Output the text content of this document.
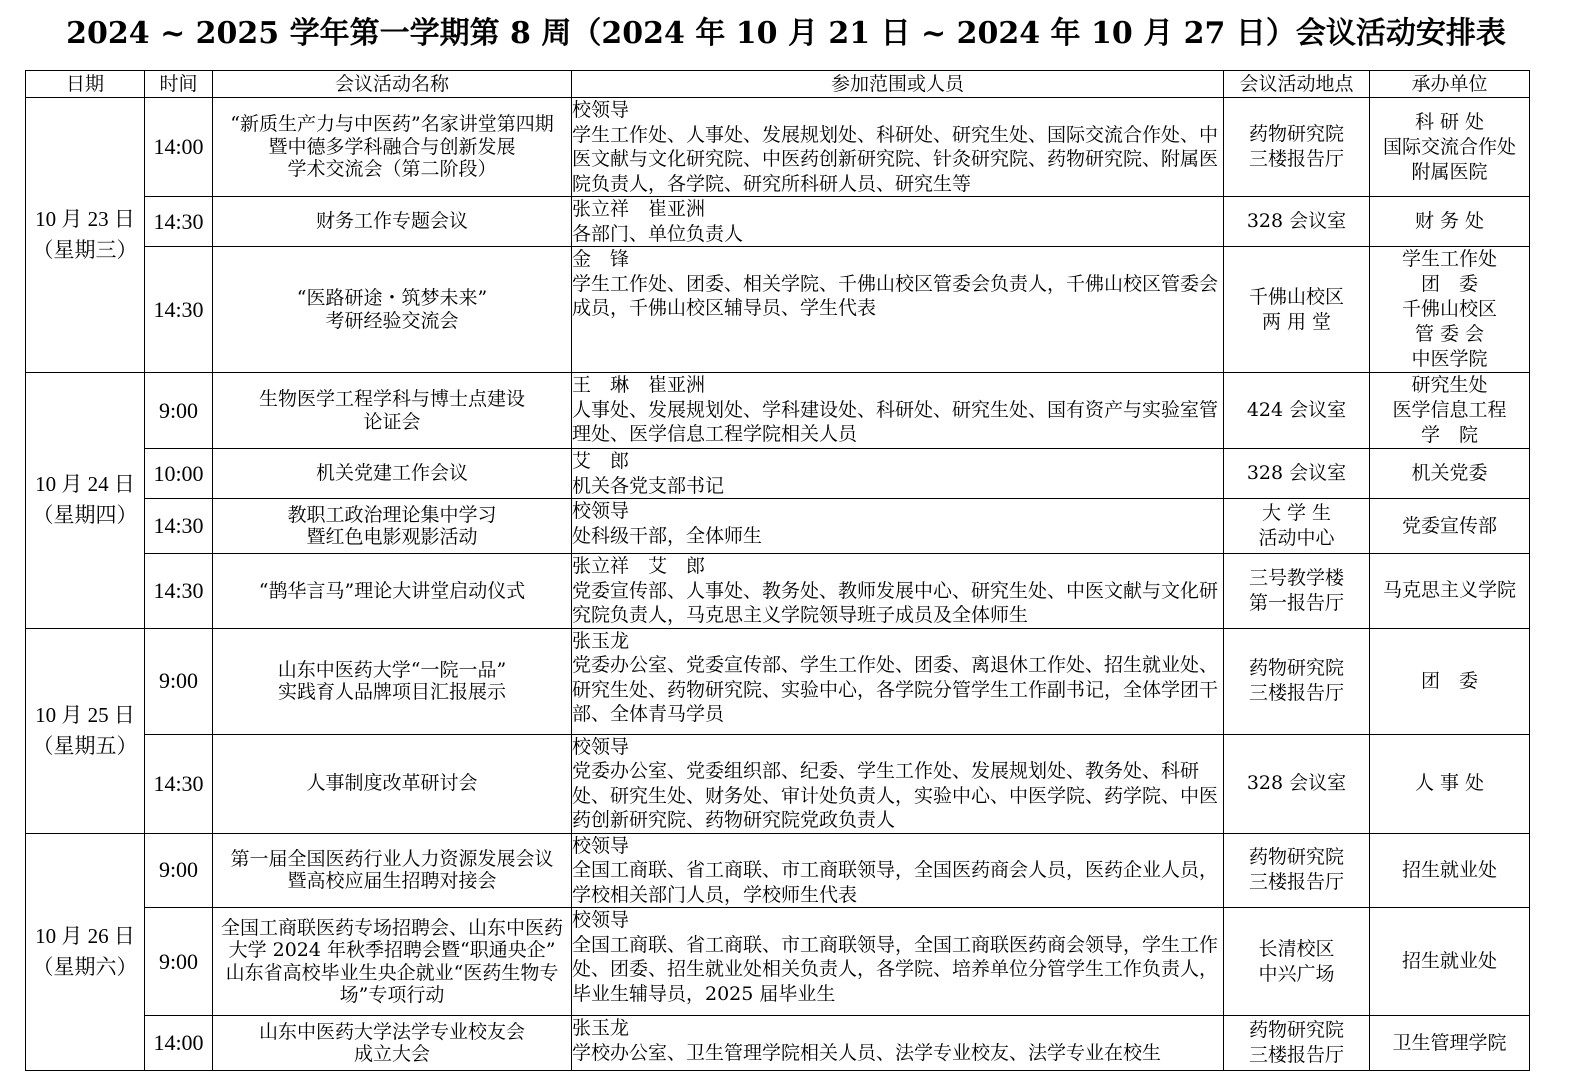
2024 ~ 2025 学年第一学期第 8 周（2024 年 10 月 21 日 ~ 2024 年 10 月 27 日）会议活动安排表
日期	时间	会议活动名称	参加范围或人员	会议活动地点	承办单位

10 月 23 日
（星期三）	14:00	“新质生产力与中医药”名家讲堂第四期
暨中德多学科融合与创新发展
学术交流会（第二阶段）	校领导
学生工作处、人事处、发展规划处、科研处、研究生处、国际交流合作处、中医文献与文化研究院、中医药创新研究院、针灸研究院、药物研究院、附属医院负责人，各学院、研究所科研人员、研究生等	药物研究院
三楼报告厅	科 研 处
国际交流合作处
附属医院

	14:30	财务工作专题会议	张立祥　崔亚洲
各部门、单位负责人	328 会议室	财 务 处

	14:30	“医路研途・筑梦未来”
考研经验交流会	金　锋
学生工作处、团委、相关学院、千佛山校区管委会负责人，千佛山校区管委会成员，千佛山校区辅导员、学生代表	千佛山校区
两 用 堂	学生工作处
团　委
千佛山校区
管 委 会
中医学院

10 月 24 日
（星期四）	9:00	生物医学工程学科与博士点建设
论证会	王　琳　崔亚洲
人事处、发展规划处、学科建设处、科研处、研究生处、国有资产与实验室管理处、医学信息工程学院相关人员	424 会议室	研究生处
医学信息工程
学　院

	10:00	机关党建工作会议	艾　郎
机关各党支部书记	328 会议室	机关党委

	14:30	教职工政治理论集中学习
暨红色电影观影活动	校领导
处科级干部，全体师生	大 学 生
活动中心	党委宣传部

	14:30	“鹊华言马”理论大讲堂启动仪式	张立祥　艾　郎
党委宣传部、人事处、教务处、教师发展中心、研究生处、中医文献与文化研究院负责人，马克思主义学院领导班子成员及全体师生	三号教学楼
第一报告厅	马克思主义学院

10 月 25 日
（星期五）	9:00	山东中医药大学“一院一品”
实践育人品牌项目汇报展示	张玉龙
党委办公室、党委宣传部、学生工作处、团委、离退休工作处、招生就业处、研究生处、药物研究院、实验中心，各学院分管学生工作副书记，全体学团干部、全体青马学员	药物研究院
三楼报告厅	团　委

	14:30	人事制度改革研讨会	校领导
党委办公室、党委组织部、纪委、学生工作处、发展规划处、教务处、科研处、研究生处、财务处、审计处负责人，实验中心、中医学院、药学院、中医药创新研究院、药物研究院党政负责人	328 会议室	人 事 处

10 月 26 日
（星期六）	9:00	第一届全国医药行业人力资源发展会议
暨高校应届生招聘对接会	校领导
全国工商联、省工商联、市工商联领导，全国医药商会人员，医药企业人员，学校相关部门人员，学校师生代表	药物研究院
三楼报告厅	招生就业处

	9:00	全国工商联医药专场招聘会、山东中医药
大学 2024 年秋季招聘会暨“职通央企”
山东省高校毕业生央企就业“医药生物专
场”专项行动	校领导
全国工商联、省工商联、市工商联领导，全国工商联医药商会领导，学生工作处、团委、招生就业处相关负责人，各学院、培养单位分管学生工作负责人，毕业生辅导员，2025 届毕业生	长清校区
中兴广场	招生就业处

	14:00	山东中医药大学法学专业校友会
成立大会	张玉龙
学校办公室、卫生管理学院相关人员、法学专业校友、法学专业在校生	药物研究院
三楼报告厅	卫生管理学院
